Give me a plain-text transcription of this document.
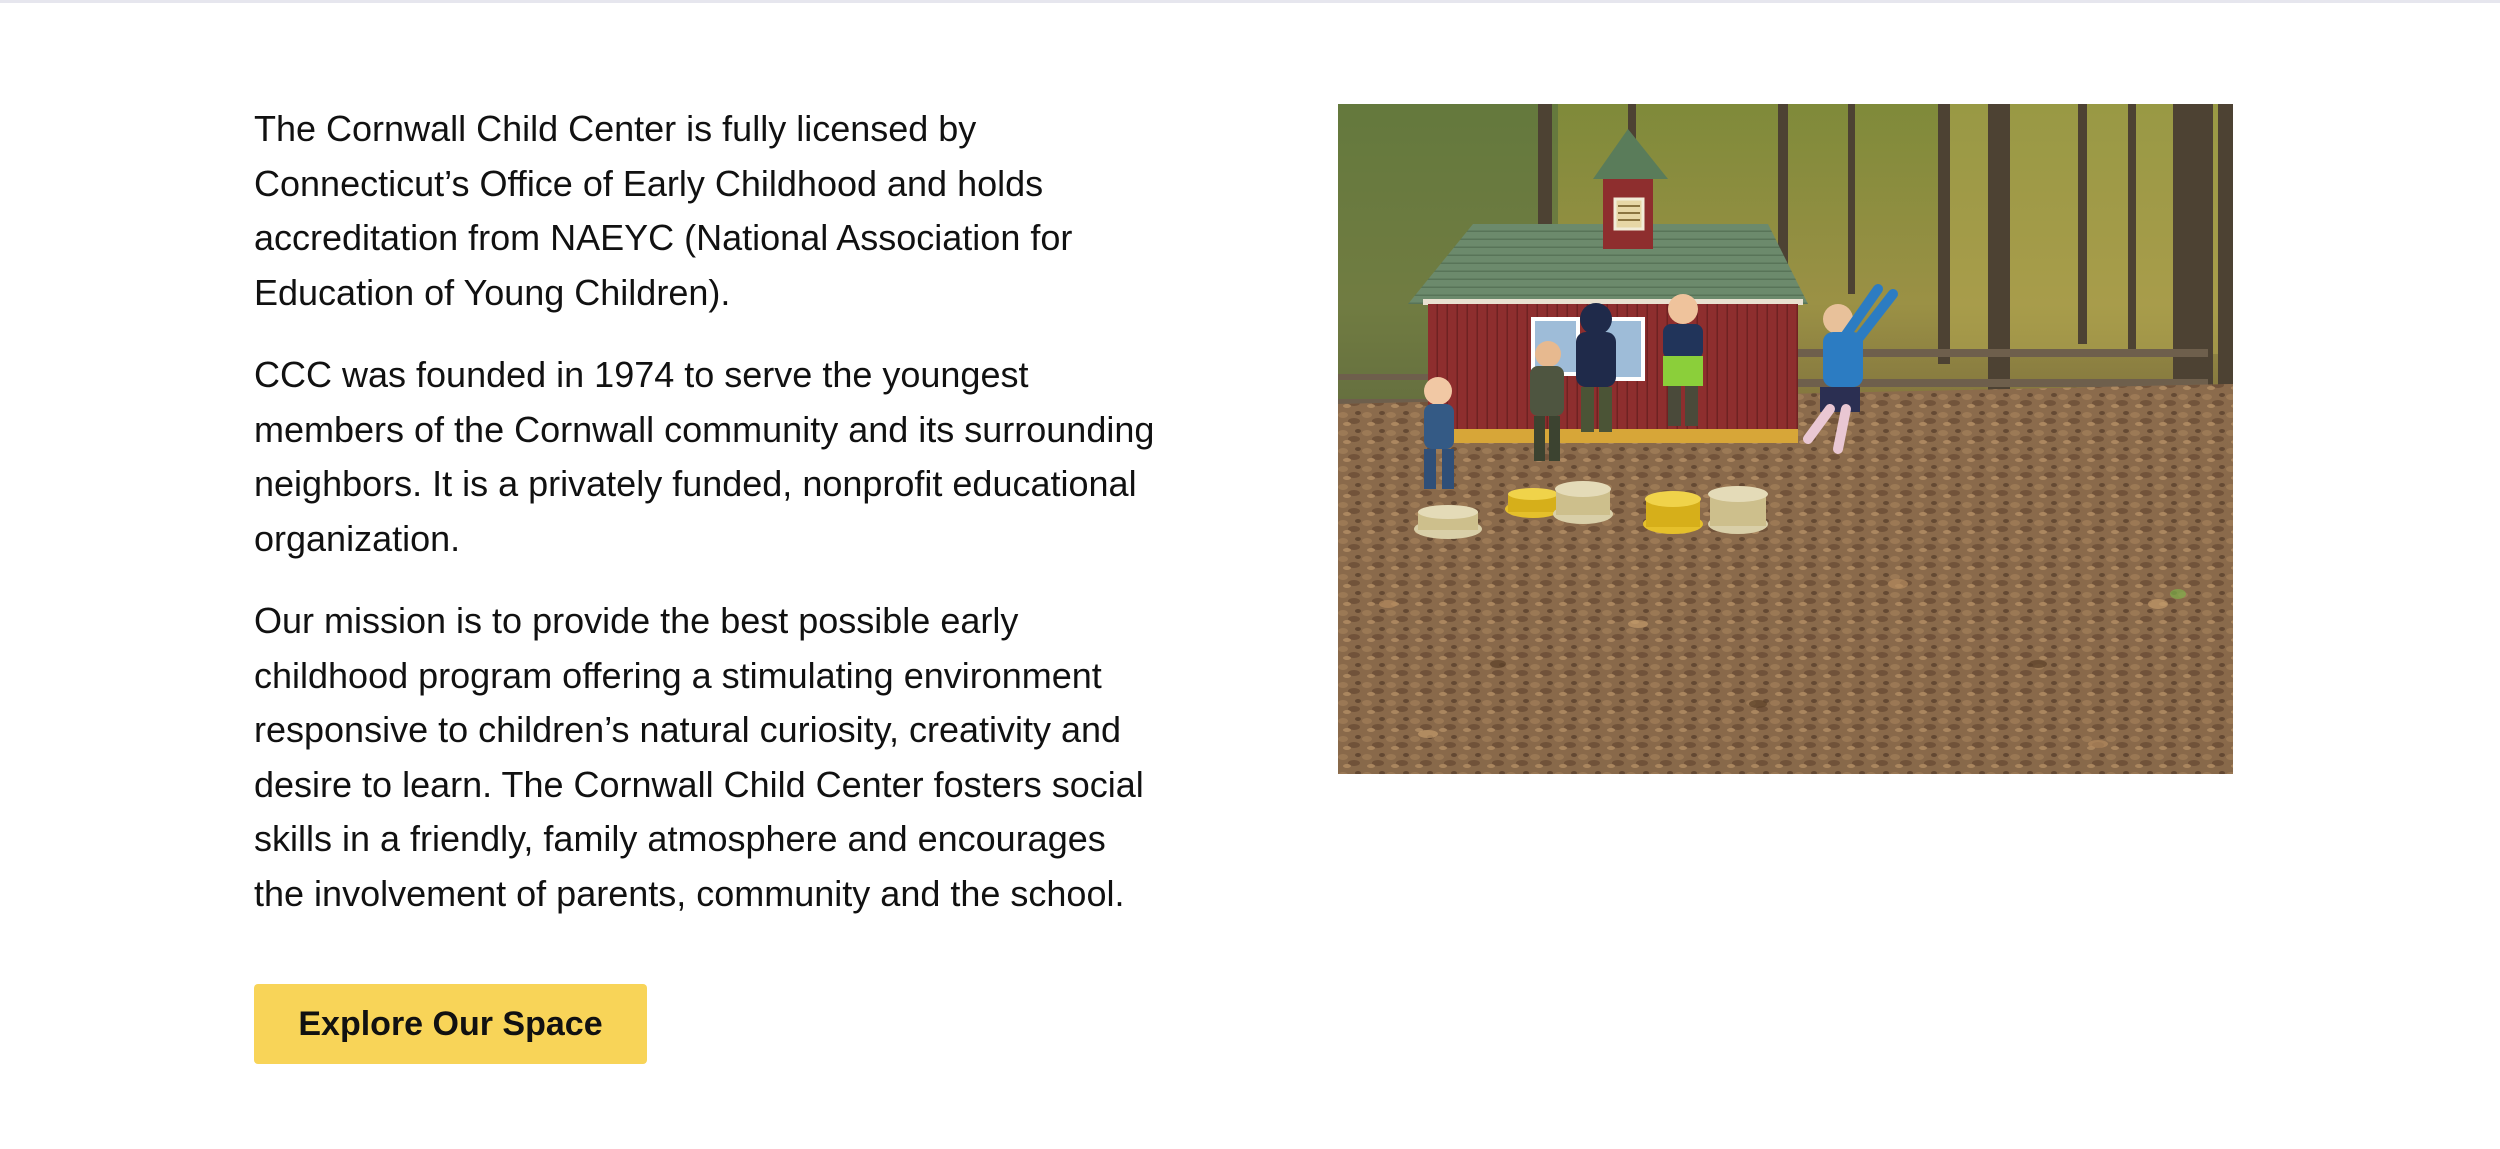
The Cornwall Child Center is fully licensed by Connecticut’s Office of Early Childhood and holds accreditation from NAEYC (National Association for Education of Young Children).

CCC was founded in 1974 to serve the youngest members of the Cornwall community and its surrounding neighbors. It is a privately funded, nonprofit educational organization.

Our mission is to provide the best possible early childhood program offering a stimulating environment responsive to children’s natural curiosity, creativity and desire to learn. The Cornwall Child Center fosters social skills in a friendly, family atmosphere and encourages the involvement of parents, community and the school.

Explore Our Space
